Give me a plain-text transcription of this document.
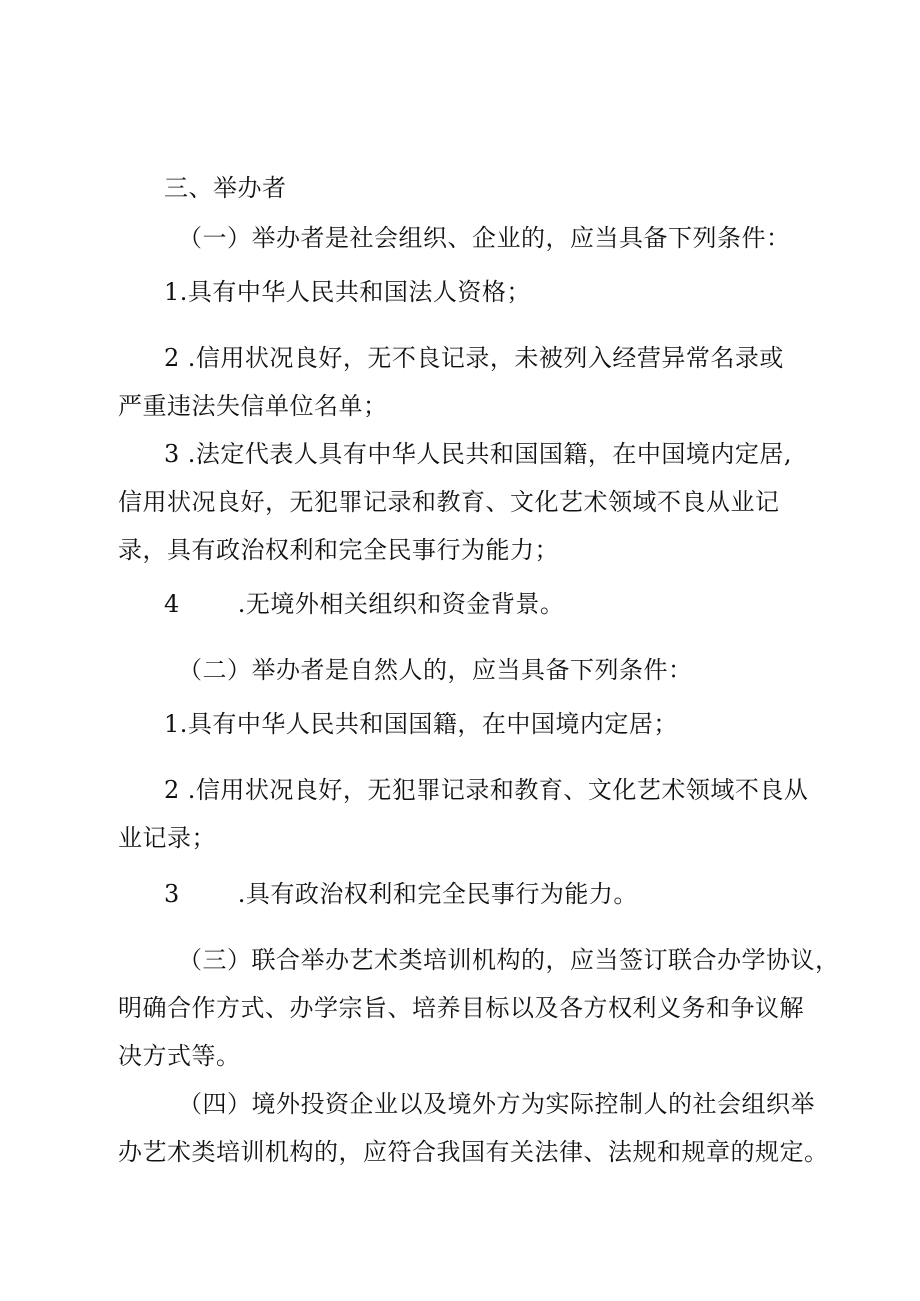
三、举办者
（一）举办者是社会组织、企业的，应当具备下列条件：
1.具有中华人民共和国法人资格；
2 .信用状况良好，无不良记录，未被列入经营异常名录或
严重违法失信单位名单；
3 .法定代表人具有中华人民共和国国籍，在中国境内定居,
信用状况良好，无犯罪记录和教育、文化艺术领域不良从业记
录，具有政治权利和完全民事行为能力；
4 .无境外相关组织和资金背景。
（二）举办者是自然人的，应当具备下列条件：
1.具有中华人民共和国国籍，在中国境内定居；
2 .信用状况良好，无犯罪记录和教育、文化艺术领域不良从
业记录；
3 .具有政治权利和完全民事行为能力。
（三）联合举办艺术类培训机构的，应当签订联合办学协议，
明确合作方式、办学宗旨、培养目标以及各方权利义务和争议解
决方式等。
（四）境外投资企业以及境外方为实际控制人的社会组织举
办艺术类培训机构的，应符合我国有关法律、法规和规章的规定。
